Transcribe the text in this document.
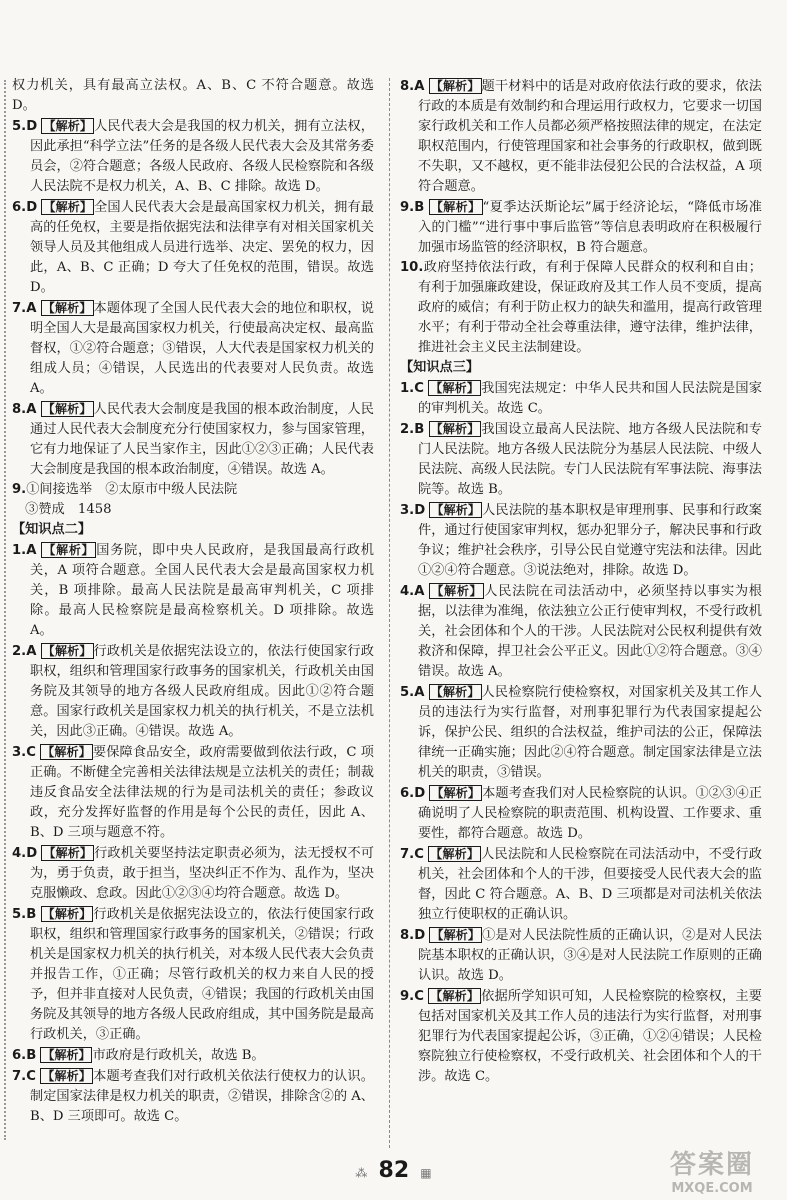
权力机关，具有最高立法权。A、B、C 不符合题意。故选 D。

5.D 【解析】 人民代表大会是我国的权力机关，拥有立法权，因此承担“科学立法”任务的是各级人民代表大会及其常务委员会，②符合题意；各级人民政府、各级人民检察院和各级人民法院不是权力机关，A、B、C 排除。故选 D。

6.D 【解析】 全国人民代表大会是最高国家权力机关，拥有最高的任免权，主要是指依据宪法和法律享有对相关国家机关领导人员及其他组成人员进行选举、决定、罢免的权力，因此，A、B、C 正确；D 夸大了任免权的范围，错误。故选 D。

7.A 【解析】 本题体现了全国人民代表大会的地位和职权，说明全国人大是最高国家权力机关，行使最高决定权、最高监督权，①②符合题意；③错误，人大代表是国家权力机关的组成人员；④错误，人民选出的代表要对人民负责。故选 A。

8.A 【解析】 人民代表大会制度是我国的根本政治制度，人民通过人民代表大会制度充分行使国家权力，参与国家管理，它有力地保证了人民当家作主，因此①②③正确；人民代表大会制度是我国的根本政治制度，④错误。故选 A。

9.①间接选举　②太原市中级人民法院

　③赞成　1458

【知识点二】

1.A 【解析】 国务院，即中央人民政府，是我国最高行政机关，A 项符合题意。全国人民代表大会是最高国家权力机关，B 项排除。最高人民法院是最高审判机关，C 项排除。最高人民检察院是最高检察机关。D 项排除。故选 A。

2.A 【解析】 行政机关是依据宪法设立的，依法行使国家行政职权，组织和管理国家行政事务的国家机关，行政机关由国务院及其领导的地方各级人民政府组成。因此①②符合题意。国家行政机关是国家权力机关的执行机关，不是立法机关，因此③正确。④错误。故选 A。

3.C 【解析】 要保障食品安全，政府需要做到依法行政，C 项正确。不断健全完善相关法律法规是立法机关的责任；制裁违反食品安全法律法规的行为是司法机关的责任；参政议政，充分发挥好监督的作用是每个公民的责任，因此 A、B、D 三项与题意不符。

4.D 【解析】 行政机关要坚持法定职责必须为，法无授权不可为，勇于负责，敢于担当，坚决纠正不作为、乱作为，坚决克服懒政、怠政。因此①②③④均符合题意。故选 D。

5.B 【解析】 行政机关是依据宪法设立的，依法行使国家行政职权，组织和管理国家行政事务的国家机关，②错误；行政机关是国家权力机关的执行机关，对本级人民代表大会负责并报告工作，①正确；尽管行政机关的权力来自人民的授予，但并非直接对人民负责，④错误；我国的行政机关由国务院及其领导的地方各级人民政府组成，其中国务院是最高行政机关，③正确。

6.B 【解析】 市政府是行政机关，故选 B。

7.C 【解析】 本题考查我们对行政机关依法行使权力的认识。制定国家法律是权力机关的职责，②错误，排除含②的 A、B、D 三项即可。故选 C。

8.A 【解析】 题干材料中的话是对政府依法行政的要求，依法行政的本质是有效制约和合理运用行政权力，它要求一切国家行政机关和工作人员都必须严格按照法律的规定，在法定职权范围内，行使管理国家和社会事务的行政职权，做到既不失职，又不越权，更不能非法侵犯公民的合法权益，A 项符合题意。

9.B 【解析】 “夏季达沃斯论坛”属于经济论坛，“降低市场准入的门槛”“进行事中事后监管”等信息表明政府在积极履行加强市场监管的经济职权，B 符合题意。

10.政府坚持依法行政，有利于保障人民群众的权利和自由；有利于加强廉政建设，保证政府及其工作人员不变质，提高政府的威信；有利于防止权力的缺失和滥用，提高行政管理水平；有利于带动全社会尊重法律，遵守法律，维护法律，推进社会主义民主法制建设。

【知识点三】

1.C 【解析】 我国宪法规定：中华人民共和国人民法院是国家的审判机关。故选 C。

2.B 【解析】 我国设立最高人民法院、地方各级人民法院和专门人民法院。地方各级人民法院分为基层人民法院、中级人民法院、高级人民法院。专门人民法院有军事法院、海事法院等。故选 B。

3.D 【解析】 人民法院的基本职权是审理刑事、民事和行政案件，通过行使国家审判权，惩办犯罪分子，解决民事和行政争议；维护社会秩序，引导公民自觉遵守宪法和法律。因此①②④符合题意。③说法绝对，排除。故选 D。

4.A 【解析】 人民法院在司法活动中，必须坚持以事实为根据，以法律为准绳，依法独立公正行使审判权，不受行政机关，社会团体和个人的干涉。人民法院对公民权利提供有效救济和保障，捍卫社会公平正义。因此①②符合题意。③④错误。故选 A。

5.A 【解析】 人民检察院行使检察权，对国家机关及其工作人员的违法行为实行监督，对刑事犯罪行为代表国家提起公诉，保护公民、组织的合法权益，维护司法的公正，保障法律统一正确实施；因此②④符合题意。制定国家法律是立法机关的职责，③错误。

6.D 【解析】 本题考查我们对人民检察院的认识。①②③④正确说明了人民检察院的职责范围、机构设置、工作要求、重要性，都符合题意。故选 D。

7.C 【解析】 人民法院和人民检察院在司法活动中，不受行政机关，社会团体和个人的干涉，但要接受人民代表大会的监督，因此 C 符合题意。A、B、D 三项都是对司法机关依法独立行使职权的正确认识。

8.D 【解析】 ①是对人民法院性质的正确认识，②是对人民法院基本职权的正确认识，③④是对人民法院工作原则的正确认识。故选 D。

9.C 【解析】 依据所学知识可知，人民检察院的检察权，主要包括对国家机关及其工作人员的违法行为实行监督，对刑事犯罪行为代表国家提起公诉，③正确，①②④错误；人民检察院独立行使检察权，不受行政机关、社会团体和个人的干涉。故选 C。

⁂ 82 ▦	答案圈
MXQE.COM
